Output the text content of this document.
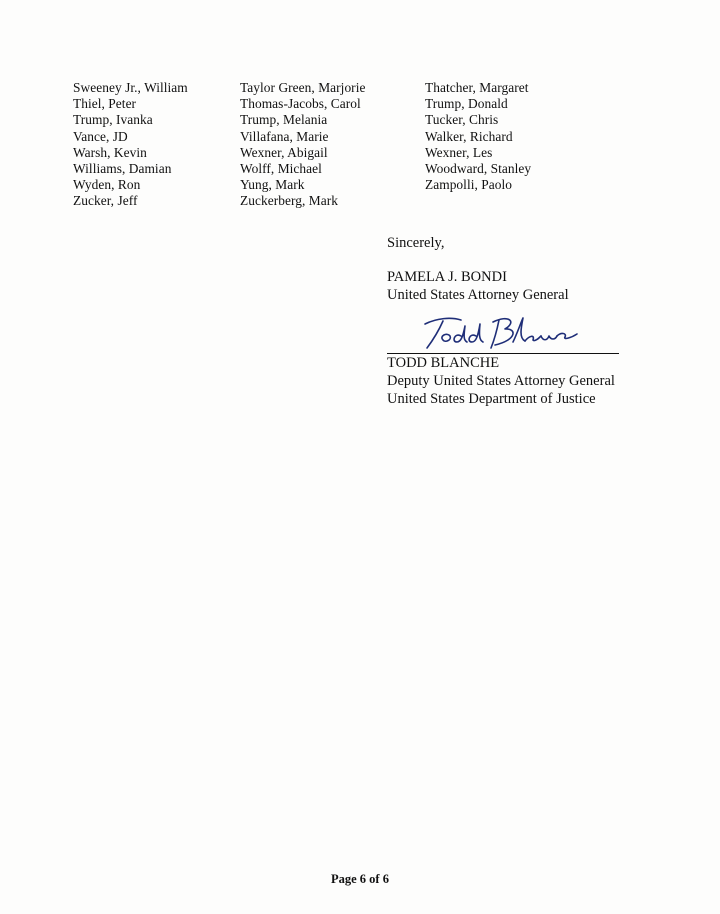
Sweeney Jr., William
Thiel, Peter
Trump, Ivanka
Vance, JD
Warsh, Kevin
Williams, Damian
Wyden, Ron
Zucker, Jeff
Taylor Green, Marjorie
Thomas-Jacobs, Carol
Trump, Melania
Villafana, Marie
Wexner, Abigail
Wolff, Michael
Yung, Mark
Zuckerberg, Mark
Thatcher, Margaret
Trump, Donald
Tucker, Chris
Walker, Richard
Wexner, Les
Woodward, Stanley
Zampolli, Paolo
Sincerely,
PAMELA J. BONDI
United States Attorney General
TODD BLANCHE
Deputy United States Attorney General
United States Department of Justice
Page 6 of 6
